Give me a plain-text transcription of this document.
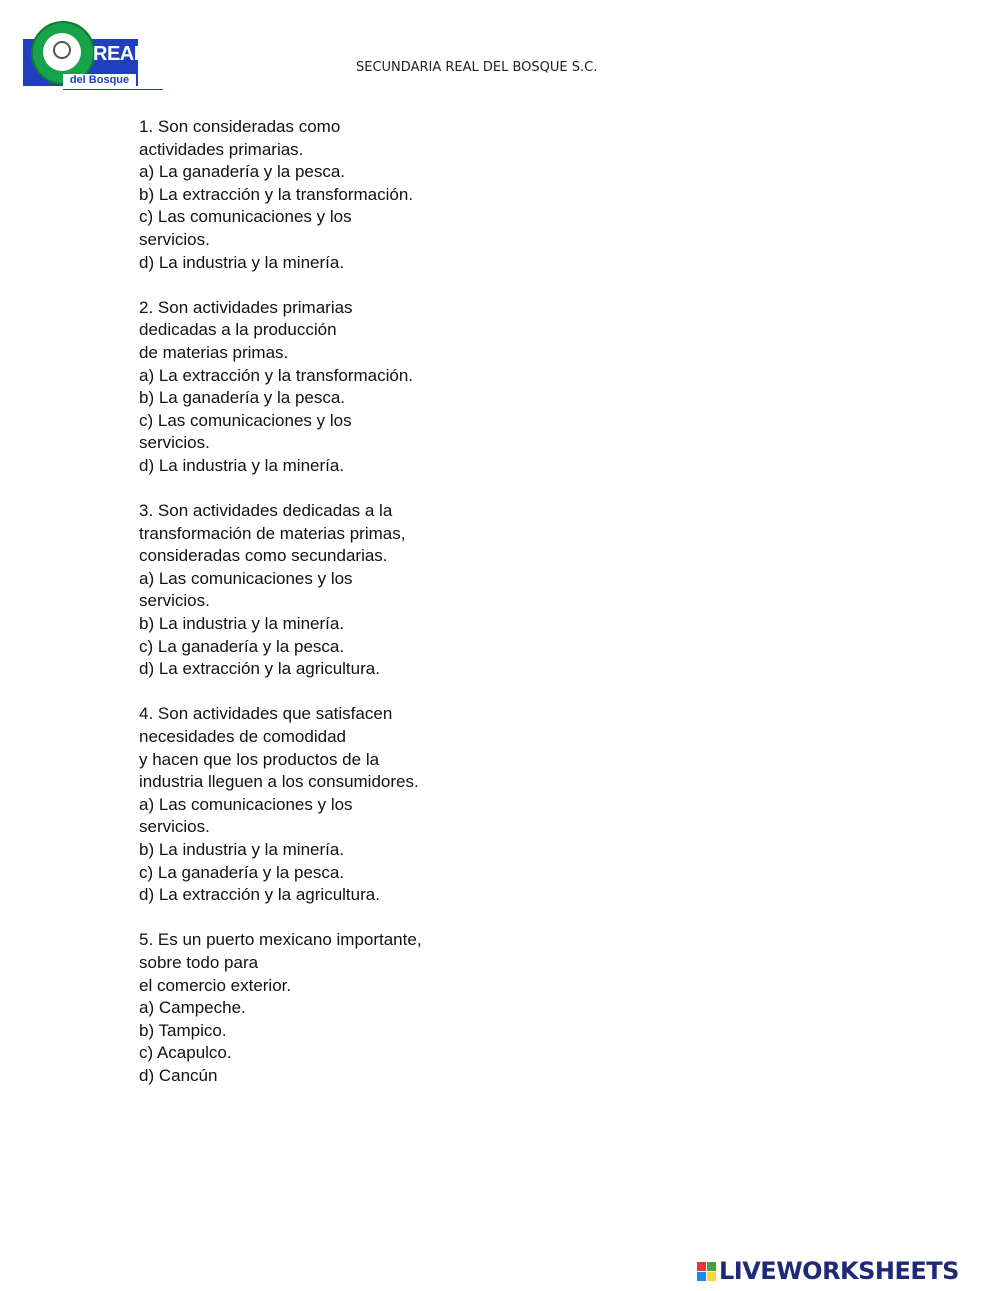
REAL
del Bosque
SECUNDARIA REAL DEL BOSQUE S.C.
1. Son consideradas como
actividades primarias.
a) La ganadería y la pesca.
b) La extracción y la transformación.
c) Las comunicaciones y los
servicios.
d) La industria y la minería.
2. Son actividades primarias
dedicadas a la producción
de materias primas.
a) La extracción y la transformación.
b) La ganadería y la pesca.
c) Las comunicaciones y los
servicios.
d) La industria y la minería.
3. Son actividades dedicadas a la
transformación de materias primas,
consideradas como secundarias.
a) Las comunicaciones y los
servicios.
b) La industria y la minería.
c) La ganadería y la pesca.
d) La extracción y la agricultura.
4. Son actividades que satisfacen
necesidades de comodidad
y hacen que los productos de la
industria lleguen a los consumidores.
a) Las comunicaciones y los
servicios.
b) La industria y la minería.
c) La ganadería y la pesca.
d) La extracción y la agricultura.
5. Es un puerto mexicano importante,
sobre todo para
el comercio exterior.
a) Campeche.
b) Tampico.
c) Acapulco.
d) Cancún
LIVEWORKSHEETS
